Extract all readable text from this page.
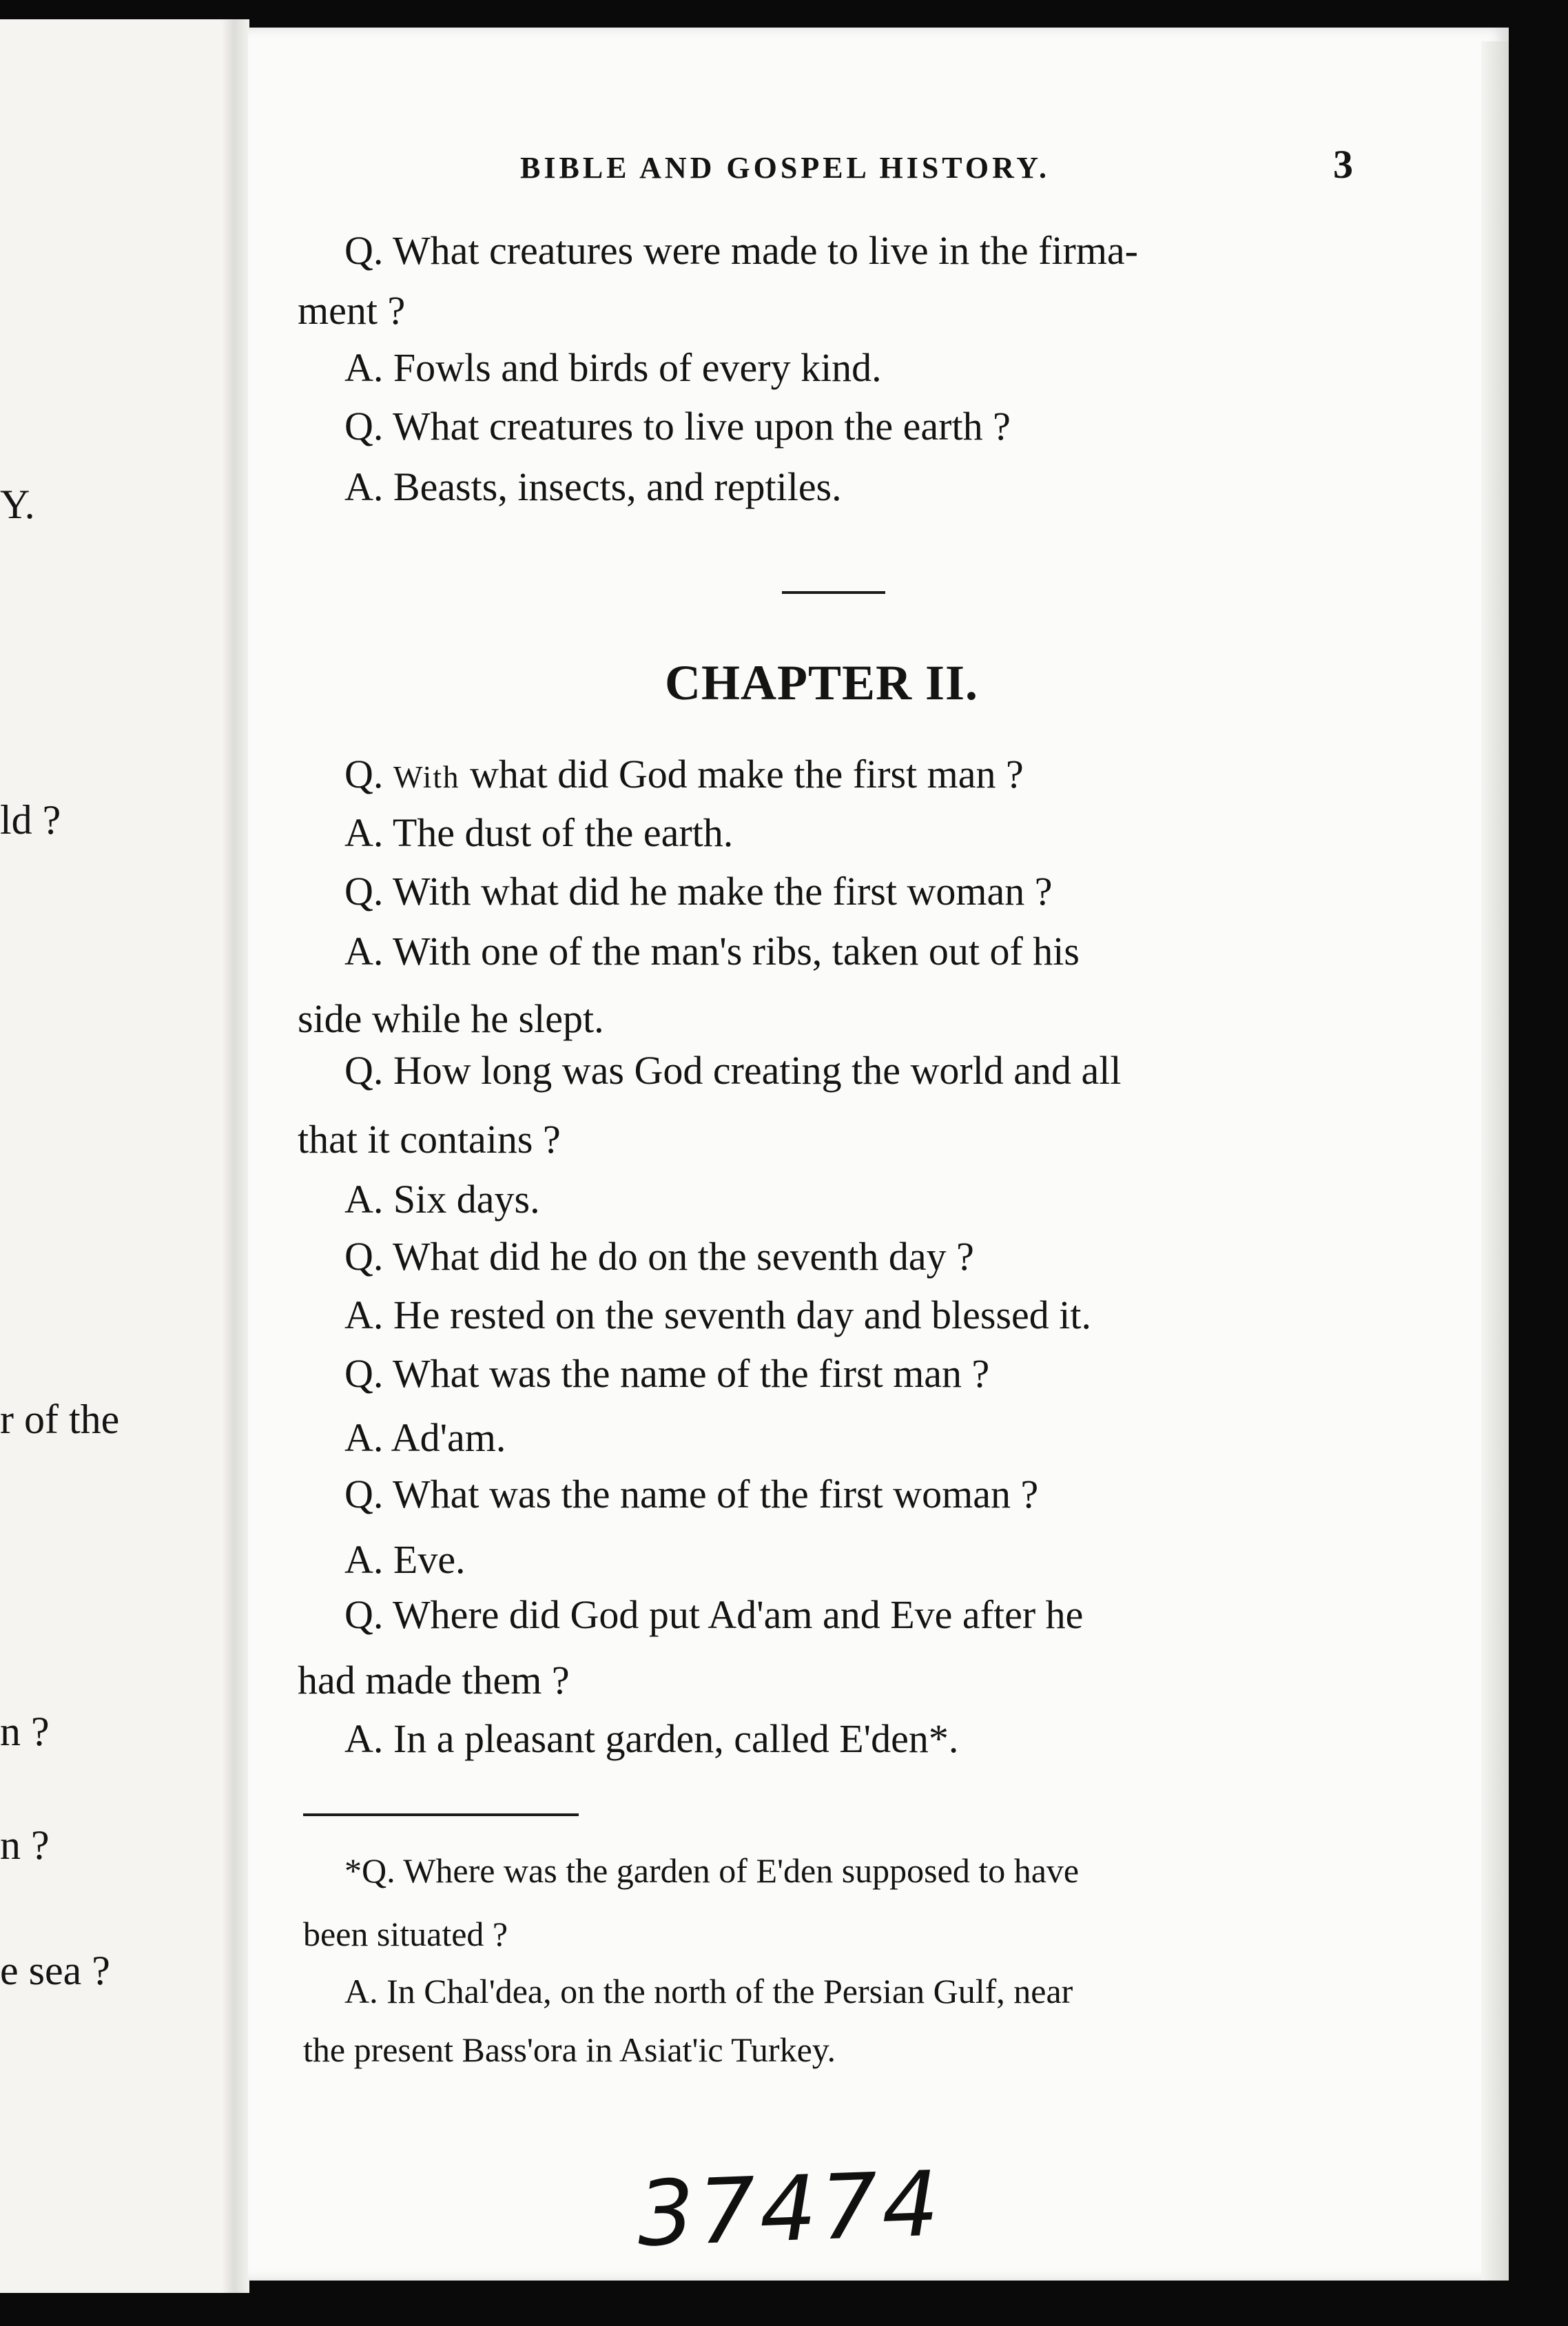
Y.
ld ?
r of the
n ?
n ?
e sea ?
BIBLE AND GOSPEL HISTORY.	3
Q. What creatures were made to live in the firma-
ment ?
A. Fowls and birds of every kind.
Q. What creatures to live upon the earth ?
A. Beasts, insects, and reptiles.
CHAPTER II.
Q. With what did God make the first man ?
A. The dust of the earth.
Q. With what did he make the first woman ?
A. With one of the man's ribs, taken out of his
side while he slept.
Q. How long was God creating the world and all
that it contains ?
A. Six days.
Q. What did he do on the seventh day ?
A. He rested on the seventh day and blessed it.
Q. What was the name of the first man ?
A. Ad'am.
Q. What was the name of the first woman ?
A. Eve.
Q. Where did God put Ad'am and Eve after he
had made them ?
A. In a pleasant garden, called E'den*.
*Q. Where was the garden of E'den supposed to have
been situated ?
A. In Chal'dea, on the north of the Persian Gulf, near
the present Bass'ora in Asiat'ic Turkey.
37474
